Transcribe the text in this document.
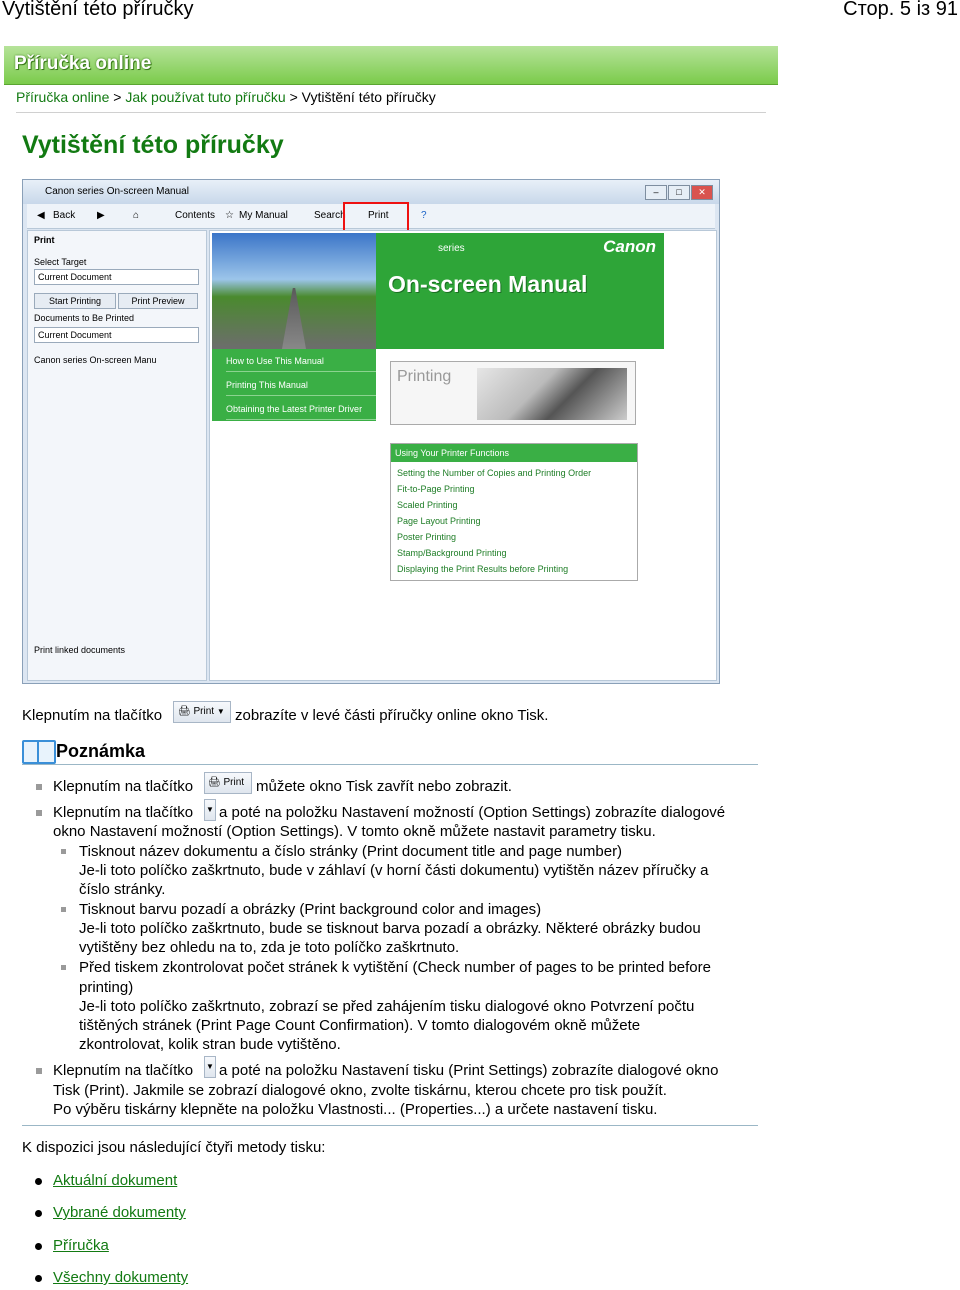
Vytištění této příručky	Стор. 5 із 91
Příručka online
Příručka online > Jak používat tuto příručku > Vytištění této příručky
Vytištění této příručky
Canon series On-screen Manual	–	□	✕
◀ Back ▶	⌂	Contents ☆ My Manual	Search Print	?
Print
Select Target
Current Document
Start Printing	Print Preview
Documents to Be Printed
Current Document
Canon series On-screen Manu
Print linked documents
series	Canon
On-screen Manual
How to Use This Manual
Printing This Manual
Obtaining the Latest Printer Driver
Printing
Using Your Printer Functions
Setting the Number of Copies and Printing Order
Fit-to-Page Printing
Scaled Printing
Page Layout Printing
Poster Printing
Stamp/Background Printing
Displaying the Print Results before Printing
Klepnutím na tlačítko	🖨 Print ▼ zobrazíte v levé části příručky online okno Tisk.
Poznámka
Klepnutím na tlačítko	🖨 Print můžete okno Tisk zavřít nebo zobrazit.
Klepnutím na tlačítko ▼ a poté na položku Nastavení možností (Option Settings) zobrazíte dialogové
okno Nastavení možností (Option Settings). V tomto okně můžete nastavit parametry tisku.
Tisknout název dokumentu a číslo stránky (Print document title and page number)
Je-li toto políčko zaškrtnuto, bude v záhlaví (v horní části dokumentu) vytištěn název příručky a
číslo stránky.
Tisknout barvu pozadí a obrázky (Print background color and images)
Je-li toto políčko zaškrtnuto, bude se tisknout barva pozadí a obrázky. Některé obrázky budou
vytištěny bez ohledu na to, zda je toto políčko zaškrtnuto.
Před tiskem zkontrolovat počet stránek k vytištění (Check number of pages to be printed before
printing)
Je-li toto políčko zaškrtnuto, zobrazí se před zahájením tisku dialogové okno Potvrzení počtu
tištěných stránek (Print Page Count Confirmation). V tomto dialogovém okně můžete
zkontrolovat, kolik stran bude vytištěno.
Klepnutím na tlačítko ▼ a poté na položku Nastavení tisku (Print Settings) zobrazíte dialogové okno
Tisk (Print). Jakmile se zobrazí dialogové okno, zvolte tiskárnu, kterou chcete pro tisk použít.
Po výběru tiskárny klepněte na položku Vlastnosti... (Properties...) a určete nastavení tisku.
K dispozici jsou následující čtyři metody tisku:
Aktuální dokument
Vybrané dokumenty
Příručka
Všechny dokumenty
